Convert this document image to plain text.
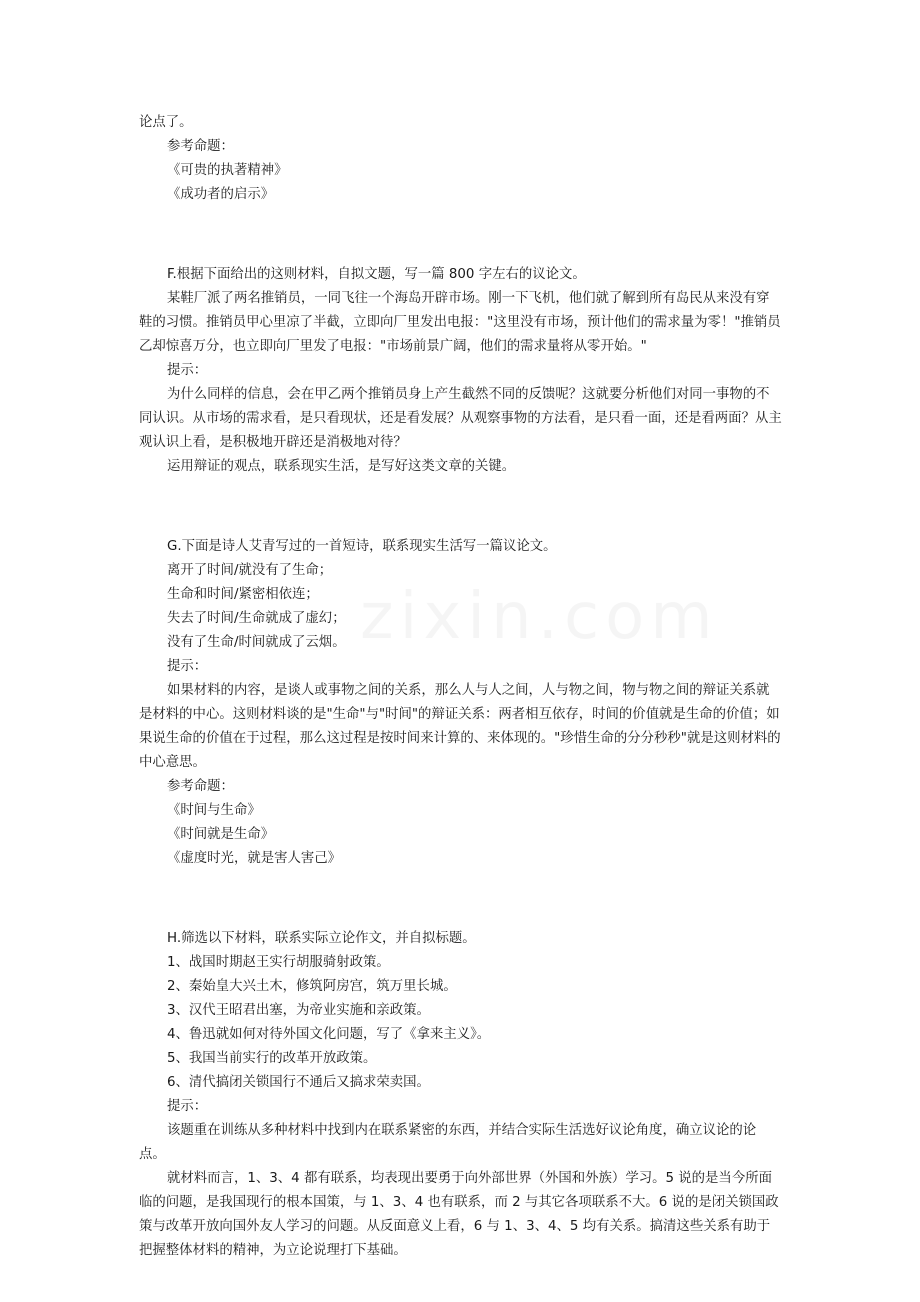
论点了。

参考命题：

《可贵的执著精神》

《成功者的启示》

F.根据下面给出的这则材料，自拟文题，写一篇 800 字左右的议论文。

某鞋厂派了两名推销员，一同飞往一个海岛开辟市场。刚一下飞机，他们就了解到所有岛民从来没有穿鞋的习惯。推销员甲心里凉了半截，立即向厂里发出电报："这里没有市场，预计他们的需求量为零！"推销员乙却惊喜万分，也立即向厂里发了电报："市场前景广阔，他们的需求量将从零开始。"

提示：

为什么同样的信息，会在甲乙两个推销员身上产生截然不同的反馈呢？这就要分析他们对同一事物的不同认识。从市场的需求看，是只看现状，还是看发展？从观察事物的方法看，是只看一面，还是看两面？从主观认识上看，是积极地开辟还是消极地对待？

运用辩证的观点，联系现实生活，是写好这类文章的关键。

G.下面是诗人艾青写过的一首短诗，联系现实生活写一篇议论文。

离开了时间/就没有了生命；

生命和时间/紧密相依连；

失去了时间/生命就成了虚幻；

没有了生命/时间就成了云烟。

提示：

如果材料的内容，是谈人或事物之间的关系，那么人与人之间，人与物之间，物与物之间的辩证关系就是材料的中心。这则材料谈的是"生命"与"时间"的辩证关系：两者相互依存，时间的价值就是生命的价值；如果说生命的价值在于过程，那么这过程是按时间来计算的、来体现的。"珍惜生命的分分秒秒"就是这则材料的中心意思。

参考命题：

《时间与生命》

《时间就是生命》

《虚度时光，就是害人害己》

H.筛选以下材料，联系实际立论作文，并自拟标题。

1、战国时期赵王实行胡服骑射政策。

2、秦始皇大兴土木，修筑阿房宫，筑万里长城。

3、汉代王昭君出塞，为帝业实施和亲政策。

4、鲁迅就如何对待外国文化问题，写了《拿来主义》。

5、我国当前实行的改革开放政策。

6、清代搞闭关锁国行不通后又搞求荣卖国。

提示：

该题重在训练从多种材料中找到内在联系紧密的东西，并结合实际生活选好议论角度，确立议论的论点。

就材料而言，1、3、4 都有联系，均表现出要勇于向外部世界（外国和外族）学习。5 说的是当今所面临的问题，是我国现行的根本国策，与 1、3、4 也有联系，而 2 与其它各项联系不大。6 说的是闭关锁国政策与改革开放向国外友人学习的问题。从反面意义上看，6 与 1、3、4、5 均有关系。搞清这些关系有助于把握整体材料的精神，为立论说理打下基础。
